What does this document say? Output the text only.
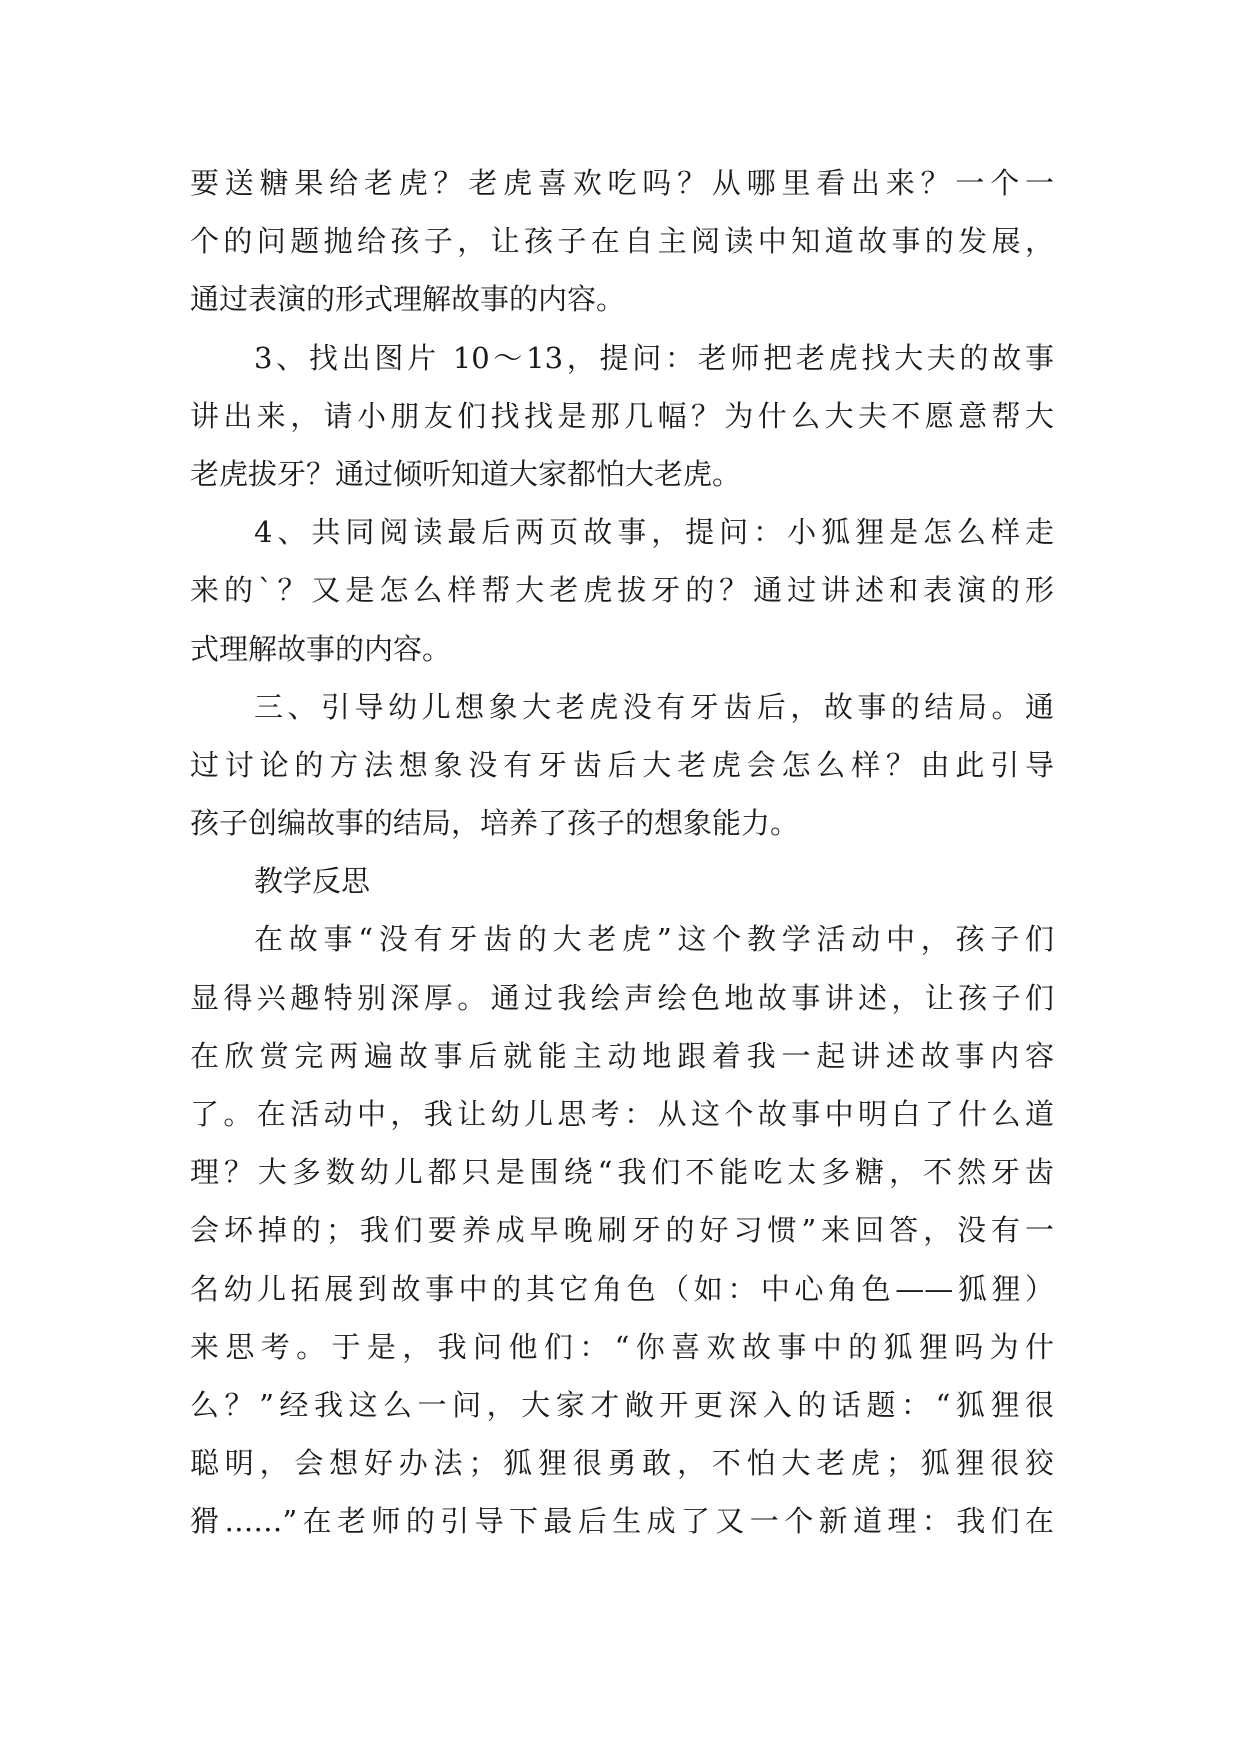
要送糖果给老虎？老虎喜欢吃吗？从哪里看出来？一个一
个的问题抛给孩子，让孩子在自主阅读中知道故事的发展，
通过表演的形式理解故事的内容。
3、找出图片 10～13，提问：老师把老虎找大夫的故事
讲出来，请小朋友们找找是那几幅？为什么大夫不愿意帮大
老虎拔牙？通过倾听知道大家都怕大老虎。
4、共同阅读最后两页故事，提问：小狐狸是怎么样走
来的`？又是怎么样帮大老虎拔牙的？通过讲述和表演的形
式理解故事的内容。
三、引导幼儿想象大老虎没有牙齿后，故事的结局。通
过讨论的方法想象没有牙齿后大老虎会怎么样？由此引导
孩子创编故事的结局，培养了孩子的想象能力。
教学反思
在故事“没有牙齿的大老虎”这个教学活动中，孩子们
显得兴趣特别深厚。通过我绘声绘色地故事讲述，让孩子们
在欣赏完两遍故事后就能主动地跟着我一起讲述故事内容
了。在活动中，我让幼儿思考：从这个故事中明白了什么道
理？大多数幼儿都只是围绕“我们不能吃太多糖，不然牙齿
会坏掉的；我们要养成早晚刷牙的好习惯”来回答，没有一
名幼儿拓展到故事中的其它角色（如：中心角色——狐狸）
来思考。于是，我问他们：“你喜欢故事中的狐狸吗为什
么？”经我这么一问，大家才敞开更深入的话题：“狐狸很
聪明，会想好办法；狐狸很勇敢，不怕大老虎；狐狸很狡
猾……”在老师的引导下最后生成了又一个新道理：我们在
